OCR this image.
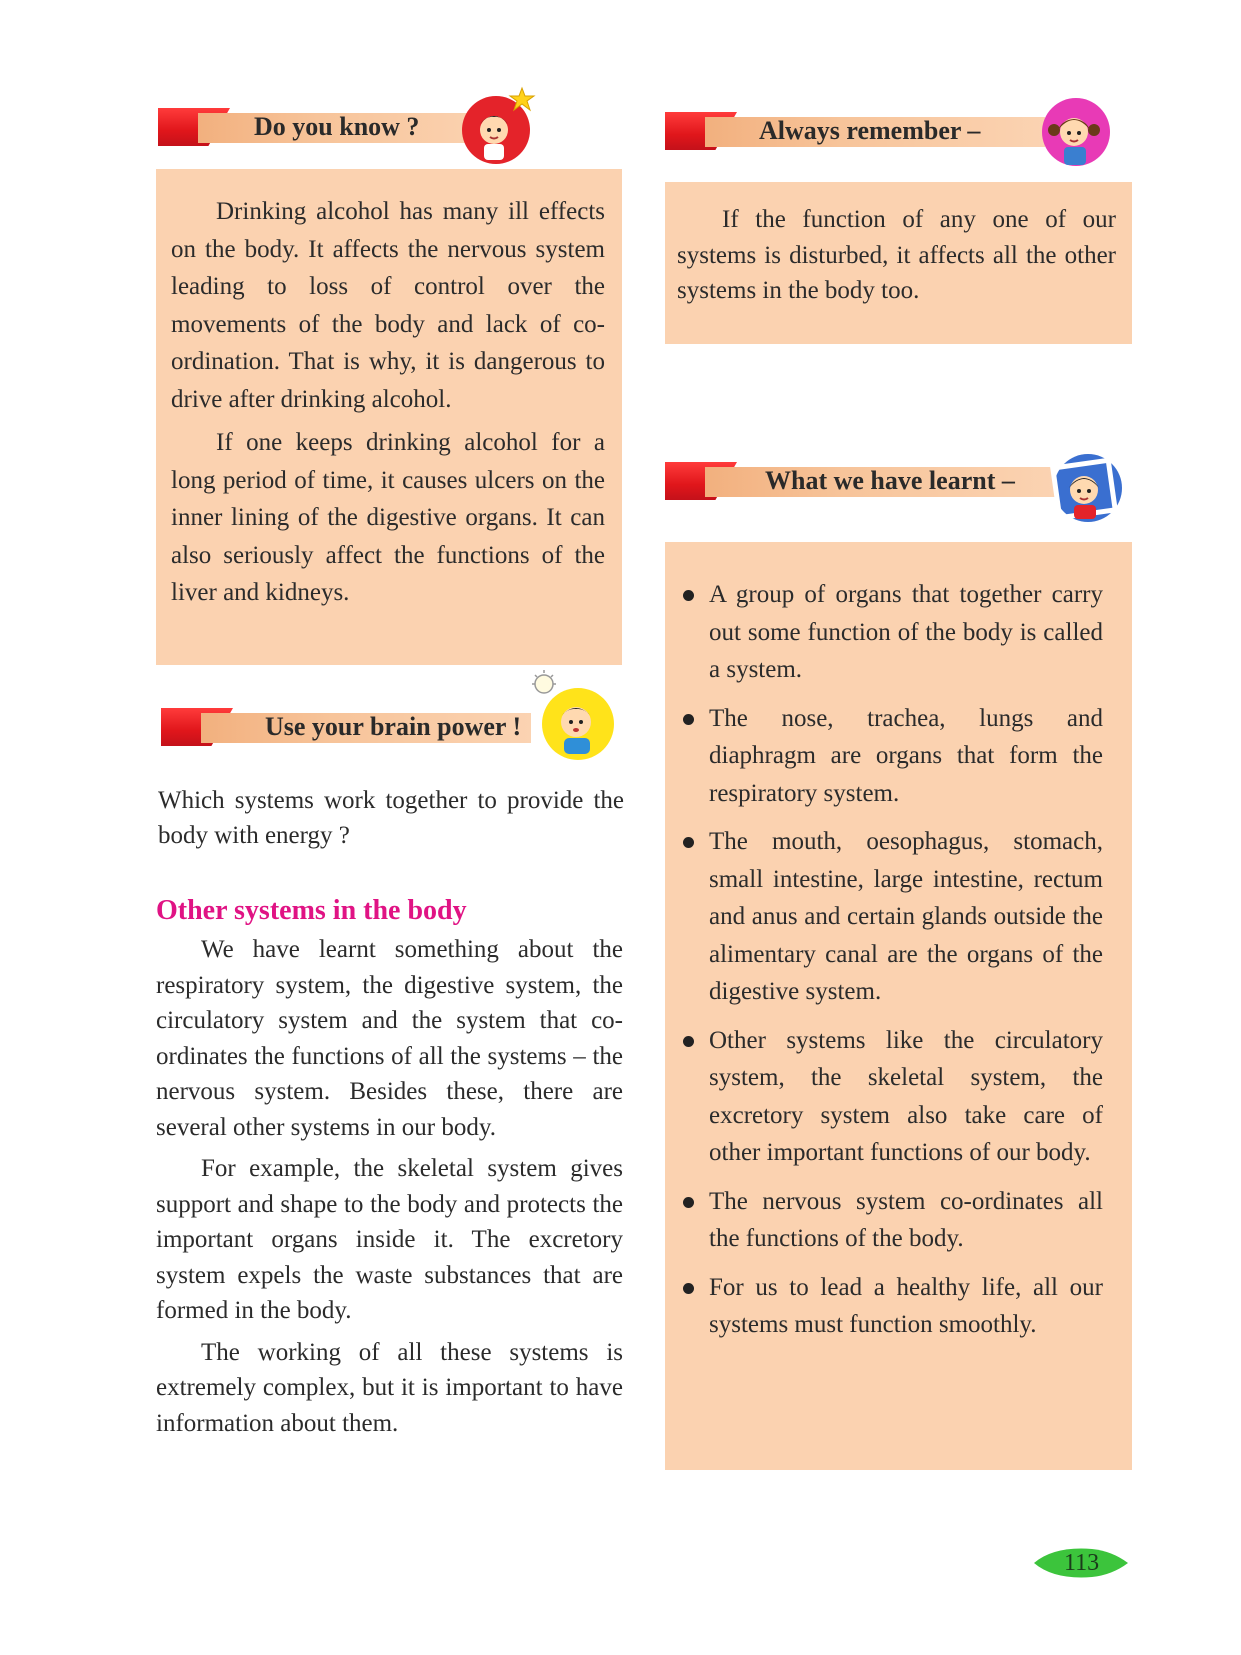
Do you know ?

Drinking alcohol has many ill effects on the body. It affects the nervous system leading to loss of control over the movements of the body and lack of co-ordination. That is why, it is dangerous to drive after drinking alcohol.

If one keeps drinking alcohol for a long period of time, it causes ulcers on the inner lining of the digestive organs. It can also seriously affect the functions of the liver and kidneys.

Use your brain power !

Which systems work together to provide the body with energy ?

Other systems in the body

We have learnt something about the respiratory system, the digestive system, the circulatory system and the system that co-ordinates the functions of all the systems – the nervous system. Besides these, there are several other systems in our body.

For example, the skeletal system gives support and shape to the body and protects the important organs inside it. The excretory system expels the waste substances that are formed in the body.

The working of all these systems is extremely complex, but it is important to have information about them.

Always remember –

If the function of any one of our systems is disturbed, it affects all the other systems in the body too.

What we have learnt –
A group of organs that together carry out some function of the body is called a system.
The nose, trachea, lungs and diaphragm are organs that form the respiratory system.
The mouth, oesophagus, stomach, small intestine, large intestine, rectum and anus and certain glands outside the alimentary canal are the organs of the digestive system.
Other systems like the circulatory system, the skeletal system, the excretory system also take care of other important functions of our body.
The nervous system co-ordinates all the functions of the body.
For us to lead a healthy life, all our systems must function smoothly.
113
